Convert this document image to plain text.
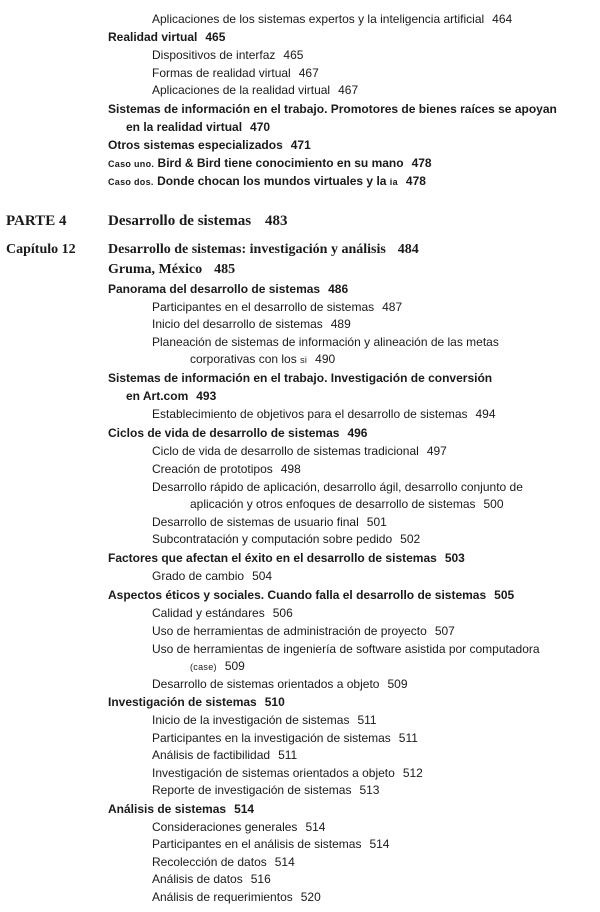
Aplicaciones de los sistemas expertos y la inteligencia artificial 464
Realidad virtual 465
Dispositivos de interfaz 465
Formas de realidad virtual 467
Aplicaciones de la realidad virtual 467
Sistemas de información en el trabajo. Promotores de bienes raíces se apoyan
en la realidad virtual 470
Otros sistemas especializados 471
Caso uno. Bird & Bird tiene conocimiento en su mano 478
Caso dos. Donde chocan los mundos virtuales y la ia 478
PARTE 4	Desarrollo de sistemas 483
Capítulo 12 Desarrollo de sistemas: investigación y análisis 484
Gruma, México 485
Panorama del desarrollo de sistemas 486
Participantes en el desarrollo de sistemas 487
Inicio del desarrollo de sistemas 489
Planeación de sistemas de información y alineación de las metas
corporativas con los si 490
Sistemas de información en el trabajo. Investigación de conversión
en Art.com 493
Establecimiento de objetivos para el desarrollo de sistemas 494
Ciclos de vida de desarrollo de sistemas 496
Ciclo de vida de desarrollo de sistemas tradicional 497
Creación de prototipos 498
Desarrollo rápido de aplicación, desarrollo ágil, desarrollo conjunto de
aplicación y otros enfoques de desarrollo de sistemas 500
Desarrollo de sistemas de usuario final 501
Subcontratación y computación sobre pedido 502
Factores que afectan el éxito en el desarrollo de sistemas 503
Grado de cambio 504
Aspectos éticos y sociales. Cuando falla el desarrollo de sistemas 505
Calidad y estándares 506
Uso de herramientas de administración de proyecto 507
Uso de herramientas de ingeniería de software asistida por computadora
(case) 509
Desarrollo de sistemas orientados a objeto 509
Investigación de sistemas 510
Inicio de la investigación de sistemas 511
Participantes en la investigación de sistemas 511
Análisis de factibilidad 511
Investigación de sistemas orientados a objeto 512
Reporte de investigación de sistemas 513
Análisis de sistemas 514
Consideraciones generales 514
Participantes en el análisis de sistemas 514
Recolección de datos 514
Análisis de datos 516
Análisis de requerimientos 520
